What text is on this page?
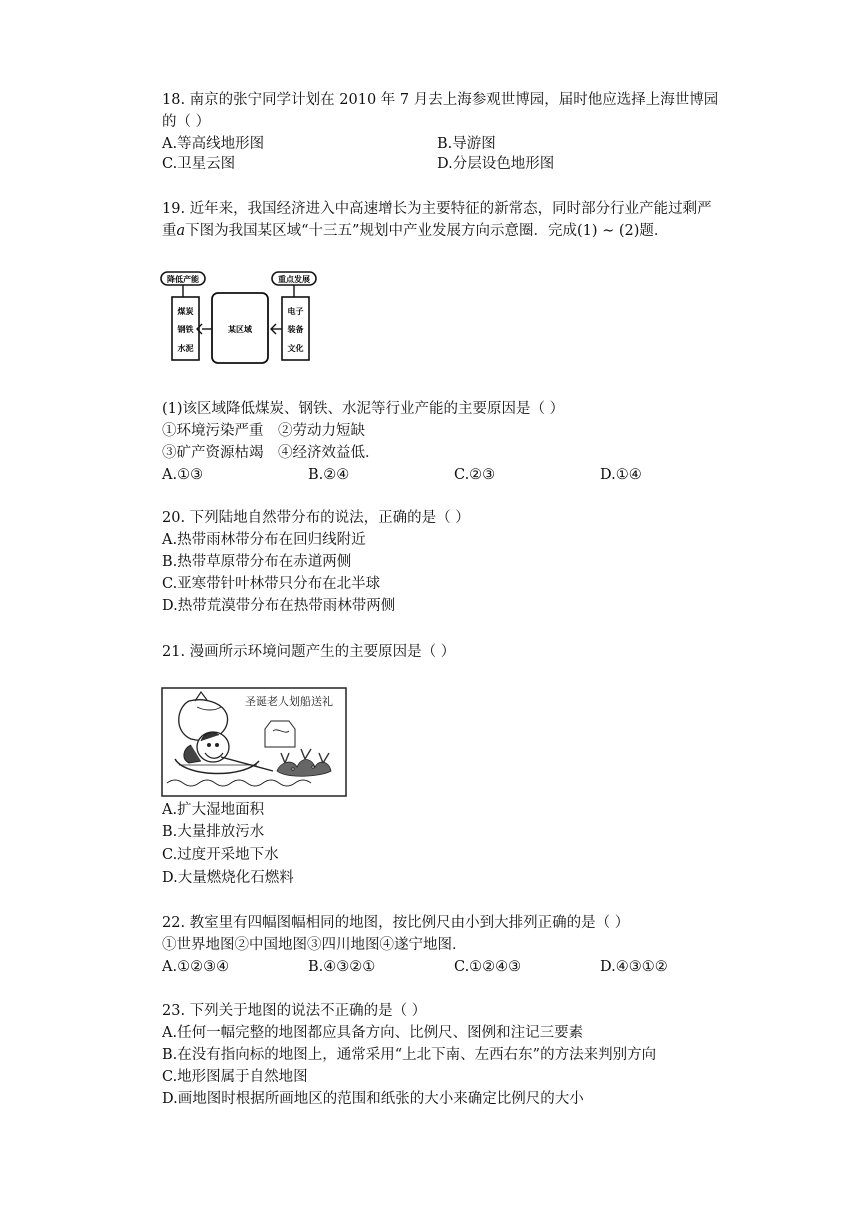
18. 南京的张宁同学计划在 2010 年 7 月去上海参观世博园，届时他应选择上海世博园
的（ ）
A.等高线地形图	B.导游图
C.卫星云图	D.分层设色地形图
19. 近年来，我国经济进入中高速增长为主要特征的新常态，同时部分行业产能过剩严
重𝑎下图为我国某区域“十三五”规划中产业发展方向示意圈．完成(1) ∼ (2)题．
降低产能
煤炭
钢铁
水泥
某区域
重点发展
电子
装备
文化
(1)该区域降低煤炭、钢铁、水泥等行业产能的主要原因是（ ）
①环境污染严重　②劳动力短缺
③矿产资源枯竭　④经济效益低．
A.①③	B.②④	C.②③	D.①④
20. 下列陆地自然带分布的说法，正确的是（ ）
A.热带雨林带分布在回归线附近
B.热带草原带分布在赤道两侧
C.亚寒带针叶林带只分布在北半球
D.热带荒漠带分布在热带雨林带两侧
21. 漫画所示环境问题产生的主要原因是（ ）
圣诞老人划船送礼
A.扩大湿地面积
B.大量排放污水
C.过度开采地下水
D.大量燃烧化石燃料
22. 教室里有四幅图幅相同的地图，按比例尺由小到大排列正确的是（ ）
①世界地图②中国地图③四川地图④遂宁地图．
A.①②③④	B.④③②①	C.①②④③	D.④③①②
23. 下列关于地图的说法不正确的是（ ）
A.任何一幅完整的地图都应具备方向、比例尺、图例和注记三要素
B.在没有指向标的地图上，通常采用“上北下南、左西右东”的方法来判别方向
C.地形图属于自然地图
D.画地图时根据所画地区的范围和纸张的大小来确定比例尺的大小
